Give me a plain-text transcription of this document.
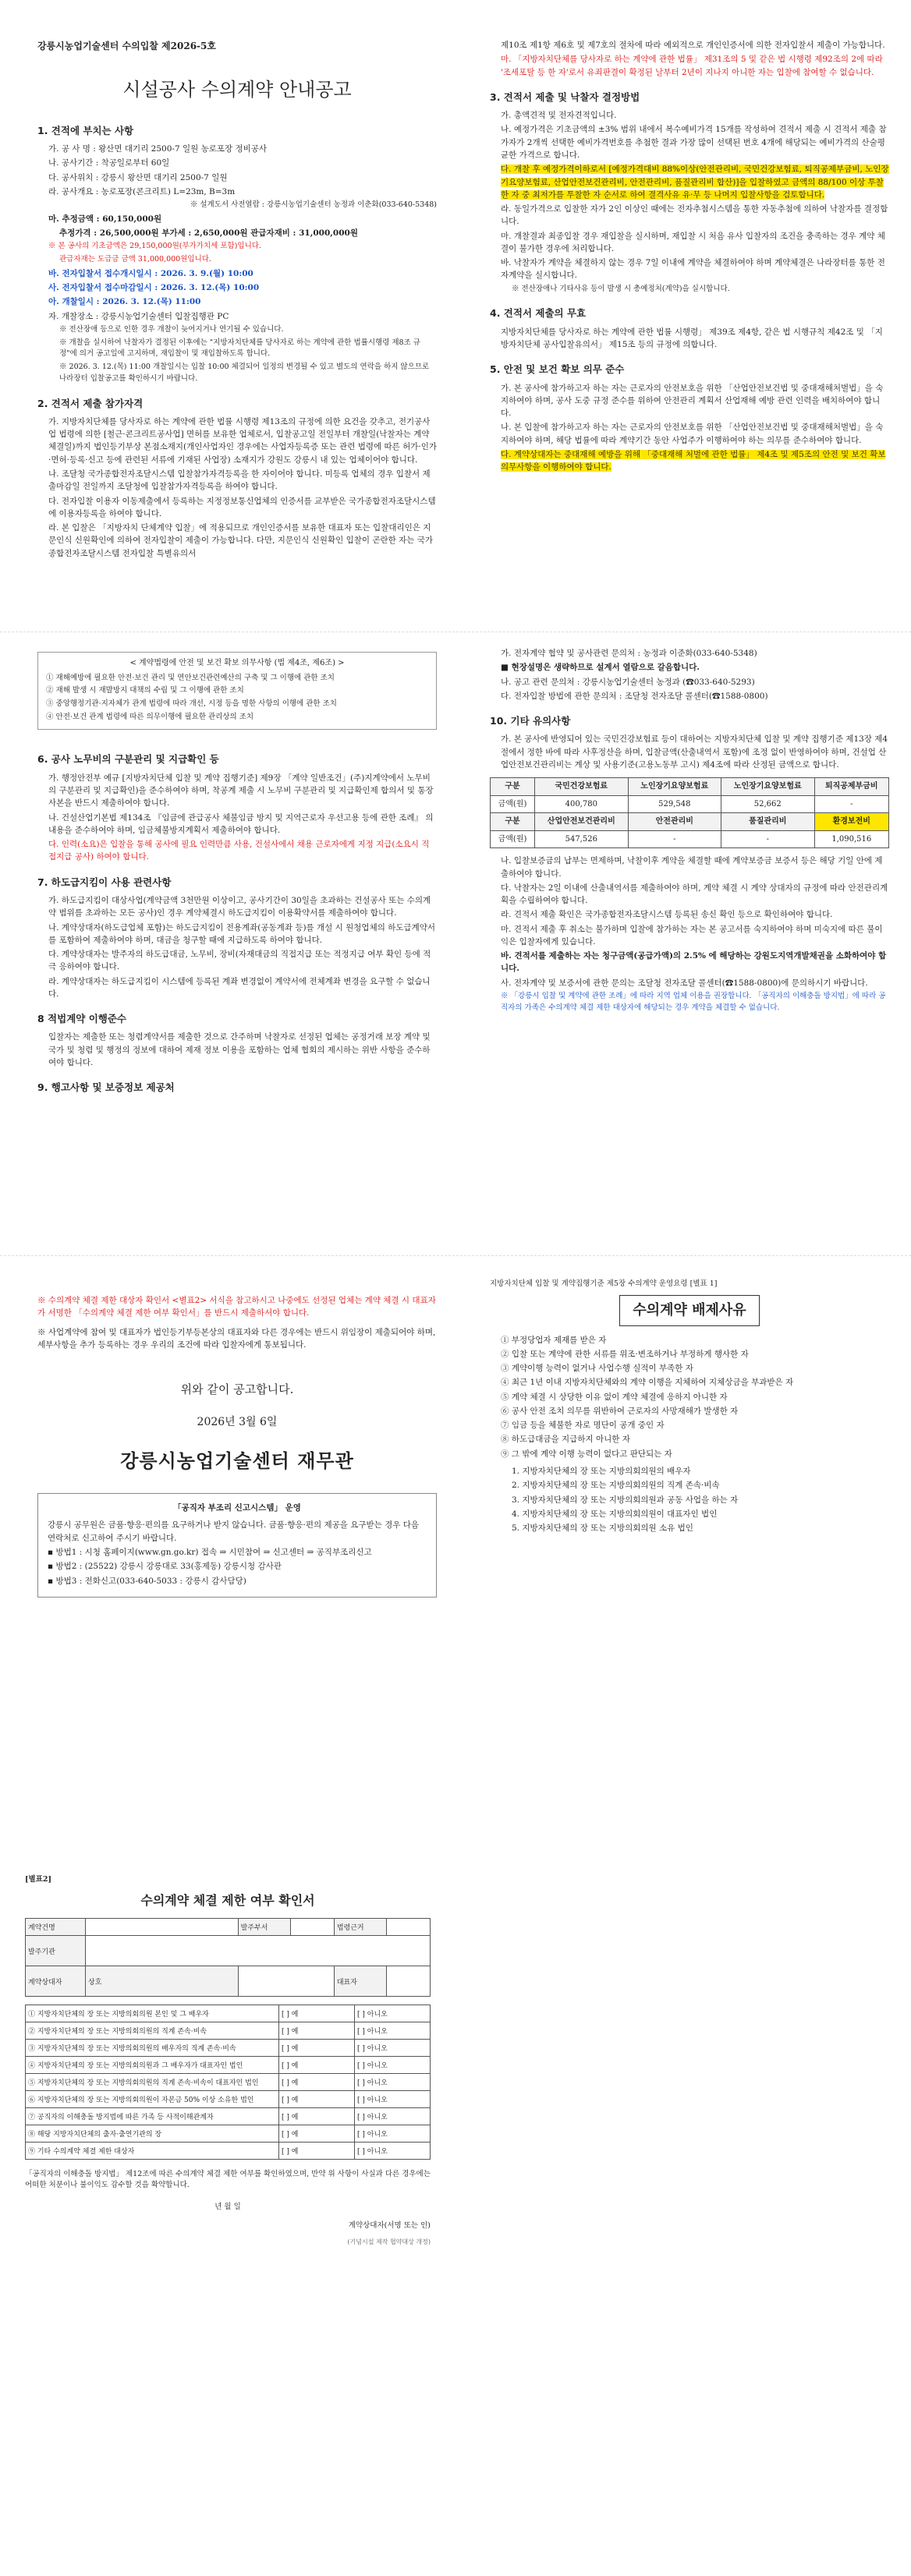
강릉시농업기술센터 수의입찰 제2026-5호

시설공사 수의계약 안내공고
1. 견적에 부치는 사항

가. 공 사 명 : 왕산면 대기리 2500-7 일원 농로포장 정비공사

나. 공사기간 : 착공일로부터 60일

다. 공사위치 : 강릉시 왕산면 대기리 2500-7 일원

라. 공사개요 : 농로포장(콘크리트) L=23m, B=3m

※ 설계도서 사전열람 : 강릉시농업기술센터 농정과 이춘화(033-640-5348)

마. 추정금액 : 60,150,000원

추정가격 : 26,500,000원 부가세 : 2,650,000원 관급자재비 : 31,000,000원

※ 본 공사의 기초금액은 29,150,000원(부가가치세 포함)입니다.

관급자재는 도급금 금액 31,000,000원입니다.

바. 전자입찰서 접수개시일시 : 2026. 3. 9.(월) 10:00

사. 전자입찰서 접수마감일시 : 2026. 3. 12.(목) 10:00

아. 개찰일시 : 2026. 3. 12.(목) 11:00

자. 개찰장소 : 강릉시농업기술센터 입찰집행관 PC

※ 전산장애 등으로 인한 경우 개찰이 늦어지거나 연기될 수 있습니다.

※ 개찰을 실시하여 낙찰자가 결정된 이후에는 "지방자치단체를 당사자로 하는 계약에 관한 법률시행령 제8조 규정"에 의거 공고일에 고지하며, 재입찰이 및 재입찰하도록 합니다.

※ 2026. 3. 12.(목) 11:00 개찰일시는 입찰 10:00 체결되어 일정의 변경될 수 있고 별도의 연락을 하지 않으므로 나라장터 입찰공고를 확인하시기 바랍니다.

2. 견적서 제출 참가자격

가. 지방자치단체를 당사자로 하는 계약에 관한 법률 시행령 제13조의 규정에 의한 요건을 갖추고, 전기공사업 법령에 의한 [철근·콘크리트공사업] 면허를 보유한 업체로서, 입찰공고일 전일부터 개찰일(낙찰자는 계약체결일)까지 법인등기부상 본점소재지(개인사업자인 경우에는 사업자등록증 또는 관련 법령에 따른 허가·인가·면허·등록·신고 등에 관련된 서류에 기재된 사업장) 소재지가 강원도 강릉시 내 있는 업체이어야 합니다.

나. 조달청 국가종합전자조달시스템 입찰참가자격등록을 한 자이어야 합니다. 미등록 업체의 경우 입찰서 제출마감일 전일까지 조달청에 입찰참가자격등록을 하여야 합니다.

다. 전자입찰 이용자 이동제출에서 등록하는 지정정보통신업체의 인증서를 교부받은 국가종합전자조달시스템에 이용자등록을 하여야 합니다.

라. 본 입찰은 「지방자치 단체계약 입찰」에 적용되므로 개인인증서를 보유한 대표자 또는 입찰대리인은 지문인식 신원확인에 의하여 전자입찰이 제출이 가능합니다. 다만, 지문인식 신원확인 입찰이 곤란한 자는 국가종합전자조달시스템 전자입찰 특별유의서

< 계약법령에 안전 및 보건 확보 의무사항 (법 제4조, 제6조) >

① 재해예방에 필요한 안전·보건 관리 및 연안보건관련예산의 구축 및 그 이행에 관한 조치

② 재해 발생 시 재발방지 대책의 수립 및 그 이행에 관한 조치

③ 중앙행정기관·지자체가 관계 법령에 따라 개선, 시정 등을 명한 사항의 이행에 관한 조치

④ 안전·보건 관계 법령에 따른 의무이행에 필요한 관리상의 조치

6. 공사 노무비의 구분관리 및 지급확인 등

가. 행정안전부 예규 [지방자치단체 입찰 및 계약 집행기준] 제9장 「계약 일반조건」(주)지계약에서 노무비의 구분관리 및 지급확인)을 준수하여야 하며, 착공계 제출 시 노무비 구분관리 및 지급확인제 합의서 및 통장 사본을 반드시 제출하여야 합니다.

나. 건설산업기본법 제134조 『임금에 관급공사 체불임금 방지 및 지역근로자 우선고용 등에 관한 조례』 의 내용을 준수하여야 하며, 임금체불방지계획서 제출하여야 합니다.

다. 인력(소요)은 입찰을 통해 공사에 필요 인력만큼 사용, 건설사에서 채용 근로자에게 지정 지급(소요시 직접지급 공사) 하여야 합니다.

7. 하도급지킴이 사용 관련사항

가. 하도급지킴이 대상사업(계약금액 3천만원 이상이고, 공사기간이 30일을 초과하는 건설공사 또는 수의계약 범위를 초과하는 모든 공사)인 경우 계약체결시 하도급지킴이 이용확약서를 제출하여야 합니다.

나. 계약상대자(하도급업체 포함)는 하도급지킴이 전용계좌(공동계좌 등)를 개설 시 원청업체의 하도급계약서를 포함하여 제출하여야 하며, 대금을 청구할 때에 지급하도록 하여야 합니다.

다. 계약상대자는 발주자의 하도급대금, 노무비, 장비(자재대금의 직접지급 또는 적정지급 여부 확인 등에 적극 응하여야 합니다.

라. 계약상대자는 하도급지킴이 시스템에 등록된 계좌 변경없이 계약서에 전체계좌 변경을 요구할 수 없습니다.

8 적법계약 이행준수

입찰자는 제출한 또는 청렴계약서를 제출한 것으로 간주하며 낙찰자로 선정된 업체는 공정거래 보장 계약 및 국가 및 청렴 및 행정의 정보에 대하여 제재 정보 이용을 포함하는 업체 협회의 제시하는 위반 사항을 준수하여야 합니다.

9. 행고사항 및 보증정보 제공처

※ 수의계약 체결 제한 대상자 확인서 <별표2> 서식을 참고하시고 나중에도 선정된 업체는 계약 체결 시 대표자가 서명한 「수의계약 체결 제한 여부 확인서」를 반드시 제출하셔야 합니다.

※ 사업계약에 참여 및 대표자가 법인등기부등본상의 대표자와 다른 경우에는 반드시 위임장이 제출되어야 하며, 세부사항을 추가 등록하는 경우 우리의 조건에 따라 입찰자에게 통보됩니다.

위와 같이 공고합니다.
2026년 3월 6일
강릉시농업기술센터 재무관
「공직자 부조리 신고시스템」 운영

강릉시 공무원은 금품·향응·편의를 요구하거나 받지 않습니다. 금품·향응·편의 제공을 요구받는 경우 다음 연락처로 신고하여 주시기 바랍니다.

▪ 방법1 : 시청 홈페이지(www.gn.go.kr) 접속 ⇒ 시민참여 ⇒ 신고센터 ⇒ 공직부조리신고

▪ 방법2 : (25522) 강릉시 강릉대로 33(홍제동) 강릉시청 감사관

▪ 방법3 : 전화신고(033-640-5033 : 강릉시 감사담당)

제10조 제1항 제6호 및 제7호의 절차에 따라 예외적으로 개인인증서에 의한 전자입찰서 제출이 가능합니다.

마. 「지방자치단체를 당사자로 하는 계약에 관한 법률」 제31조의 5 및 같은 법 시행령 제92조의 2에 따라 '조세포탈 등 한 자'로서 유죄판결이 확정된 날부터 2년이 지나지 아니한 자는 입찰에 참여할 수 없습니다.

3. 견적서 제출 및 낙찰자 결정방법

가. 총액견적 및 전자견적입니다.

나. 예정가격은 기초금액의 ±3% 범위 내에서 복수예비가격 15개를 작성하여 견적서 제출 시 견적서 제출 참가자가 2개씩 선택한 예비가격번호를 추첨한 결과 가장 많이 선택된 번호 4개에 해당되는 예비가격의 산술평균한 가격으로 합니다.

다. 개찰 후 예정가격이하로서 [예정가격대비 88%이상(안전관리비, 국민건강보험료, 퇴직공제부금비, 노인장기요양보험료, 산업안전보건관리비, 안전관리비, 품질관리비 합산)]을 입찰하였고 금액의 88/100 이상 투찰한 자 중 최저가를 투찰한 자 순서로 하여 결격사유 유·무 등 나머지 입찰사항을 검토합니다.

라. 동일가격으로 입찰한 자가 2인 이상인 때에는 전자추첨시스템을 통한 자동추첨에 의하여 낙찰자를 결정합니다.

마. 개찰결과 최종입찰 경우 재입찰을 실시하며, 재입찰 시 처음 유사 입찰자의 조건을 충족하는 경우 계약 체결이 불가한 경우에 처리합니다.

바. 낙찰자가 계약을 체결하지 않는 경우 7일 이내에 계약을 체결하여야 하며 계약체결은 나라장터를 통한 전자계약을 실시합니다.

※ 전산장애나 기타사유 등이 발생 시 총예정처(계약)을 실시합니다.

4. 견적서 제출의 무효

지방자치단체를 당사자로 하는 계약에 관한 법률 시행령」 제39조 제4항, 같은 법 시행규칙 제42조 및 「지방자치단체 공사입찰유의서」 제15조 등의 규정에 의합니다.

5. 안전 및 보건 확보 의무 준수

가. 본 공사에 참가하고자 하는 자는 근로자의 안전보호을 위한 「산업안전보건법 및 중대재해처벌법」을 숙지하여야 하며, 공사 도중 규정 준수를 위하여 안전관리 계획서 산업재해 예방 관련 인력을 배치하여야 합니다.

나. 본 입찰에 참가하고자 하는 자는 근로자의 안전보호를 위한 「산업안전보건법 및 중대재해처벌법」을 숙지하여야 하며, 해당 법률에 따라 계약기간 동안 사업주가 이행하여야 하는 의무를 준수하여야 합니다.

다. 계약상대자는 중대재해 예방을 위해 「중대재해 처벌에 관한 법률」 제4조 및 제5조의 안전 및 보건 확보 의무사항을 이행하여야 합니다.

가. 전자계약 협약 및 공사관련 문의처 : 농정과 이준화(033-640-5348)

■ 현장설명은 생략하므로 설계서 열람으로 갈음합니다.

나. 공고 관련 문의처 : 강릉시농업기술센터 농정과 (☎033-640-5293)

다. 전자입찰 방법에 관한 문의처 : 조달청 전자조달 콜센터(☎1588-0800)

10. 기타 유의사항

가. 본 공사에 반영되어 있는 국민건강보험료 등이 대하여는 지방자치단체 입찰 및 계약 집행기준 제13장 제4절에서 정한 바에 따라 사후정산을 하며, 입찰금액(산출내역서 포함)에 조정 없이 반영하여야 하며, 건설업 산업안전보건관리비는 계상 및 사용기준(고용노동부 고시) 제4조에 따라 산정된 금액으로 합니다.

구분	국민건강보험료	노인장기요양보험료	노인장기요양보험료	퇴직공제부금비
금액(원)	400,780	529,548	52,662	-
구분	산업안전보건관리비	안전관리비	품질관리비	환경보전비
금액(원)	547,526	-	-	1,090,516

나. 입찰보증금의 납부는 면제하며, 낙찰이후 계약을 체결할 때에 계약보증금 보증서 등은 해당 기일 안에 제출하여야 합니다.

다. 낙찰자는 2일 이내에 산출내역서를 제출하여야 하며, 계약 체결 시 계약 상대자의 규정에 따라 안전관리계획을 수립하여야 합니다.

라. 견적서 제출 확인은 국가종합전자조달시스템 등록된 송신 확인 등으로 확인하여야 합니다.

마. 견적서 제출 후 취소는 불가하며 입찰에 참가하는 자는 본 공고서를 숙지하여야 하며 미숙지에 따른 불이익은 입찰자에게 있습니다.

바. 견적서를 제출하는 자는 청구금액(공급가액)의 2.5% 에 해당하는 강원도지역개발채권을 소화하여야 합니다.

사. 전자계약 및 보증서에 관한 문의는 조달청 전자조달 콜센터(☎1588-0800)에 문의하시기 바랍니다.

※ 「강릉시 입찰 및 계약에 관한 조례」에 따라 지역 업체 이용을 권장합니다. 「공직자의 이해충돌 방지법」에 따라 공직자의 가족은 수의계약 체결 제한 대상자에 해당되는 경우 계약을 체결할 수 없습니다.

지방자치단체 입찰 및 계약집행기준 제5장 수의계약 운영요령 [별표 1]

수의계약 배제사유

① 부정당업자 제재를 받은 자

② 입찰 또는 계약에 관한 서류를 위조·변조하거나 부정하게 행사한 자

③ 계약이행 능력이 없거나 사업수행 실적이 부족한 자

④ 최근 1년 이내 지방자치단체와의 계약 이행을 지체하여 지체상금을 부과받은 자

⑤ 계약 체결 시 상당한 이유 없이 계약 체결에 응하지 아니한 자

⑥ 공사 안전 조치 의무를 위반하여 근로자의 사망재해가 발생한 자

⑦ 임금 등을 체불한 자로 명단이 공개 중인 자

⑧ 하도급대금을 지급하지 아니한 자

⑨ 그 밖에 계약 이행 능력이 없다고 판단되는 자

1. 지방자치단체의 장 또는 지방의회의원의 배우자

2. 지방자치단체의 장 또는 지방의회의원의 직계 존속·비속

3. 지방자치단체의 장 또는 지방의회의원과 공동 사업을 하는 자

4. 지방자치단체의 장 또는 지방의회의원이 대표자인 법인

5. 지방자치단체의 장 또는 지방의회의원 소유 법인

[별표2]

수의계약 체결 제한 여부 확인서
계약건명		발주부서		법령근거	
발주기관					
계약상대자	상호			대표자	
① 지방자치단체의 장 또는 지방의회의원 본인 및 그 배우자	[ ] 예	[ ] 아니오
② 지방자치단체의 장 또는 지방의회의원의 직계 존속·비속	[ ] 예	[ ] 아니오
③ 지방자치단체의 장 또는 지방의회의원의 배우자의 직계 존속·비속	[ ] 예	[ ] 아니오
④ 지방자치단체의 장 또는 지방의회의원과 그 배우자가 대표자인 법인	[ ] 예	[ ] 아니오
⑤ 지방자치단체의 장 또는 지방의회의원의 직계 존속·비속이 대표자인 법인	[ ] 예	[ ] 아니오
⑥ 지방자치단체의 장 또는 지방의회의원이 자본금 50% 이상 소유한 법인	[ ] 예	[ ] 아니오
⑦ 공직자의 이해충돌 방지법에 따른 가족 등 사적이해관계자	[ ] 예	[ ] 아니오
⑧ 해당 지방자치단체의 출자·출연기관의 장	[ ] 예	[ ] 아니오
⑨ 기타 수의계약 체결 제한 대상자	[ ] 예	[ ] 아니오

「공직자의 이해충돌 방지법」 제12조에 따른 수의계약 체결 제한 여부를 확인하였으며, 만약 위 사항이 사실과 다른 경우에는 어떠한 처분이나 불이익도 감수할 것을 확약합니다.

년 월 일

계약상대자(서명 또는 인)

(기념시설 제작 협약대상 개정)
